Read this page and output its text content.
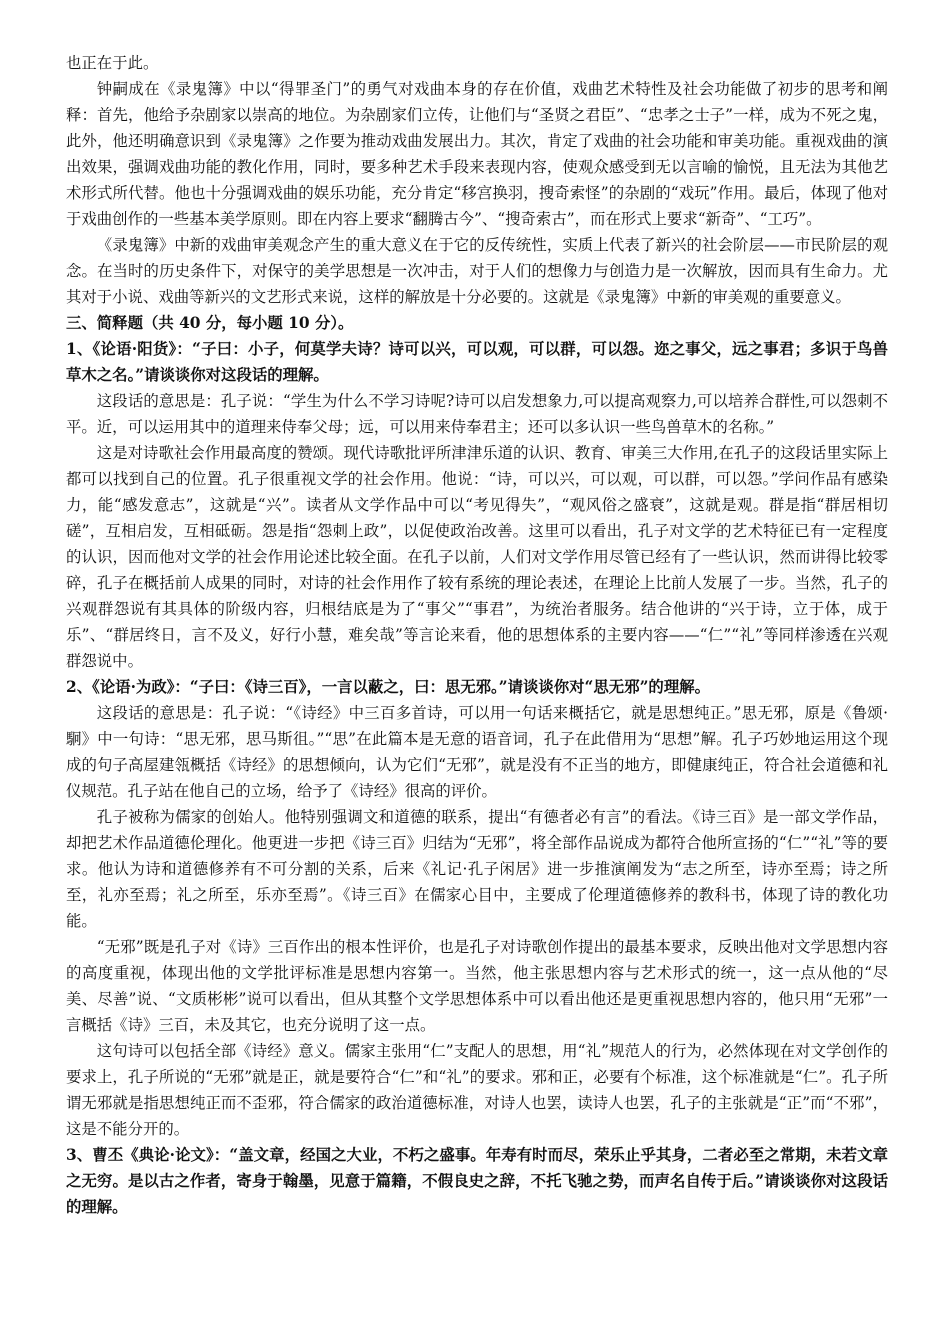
也正在于此。

钟嗣成在《录鬼簿》中以“得罪圣门”的勇气对戏曲本身的存在价值，戏曲艺术特性及社会功能做了初步的思考和阐释：首先，他给予杂剧家以崇高的地位。为杂剧家们立传，让他们与“圣贤之君臣”、“忠孝之士子”一样，成为不死之鬼，此外，他还明确意识到《录鬼簿》之作要为推动戏曲发展出力。其次，肯定了戏曲的社会功能和审美功能。重视戏曲的演出效果，强调戏曲功能的教化作用，同时，要多种艺术手段来表现内容，使观众感受到无以言喻的愉悦，且无法为其他艺术形式所代替。他也十分强调戏曲的娱乐功能，充分肯定“移宫换羽，搜奇索怪”的杂剧的“戏玩”作用。最后，体现了他对于戏曲创作的一些基本美学原则。即在内容上要求“翻腾古今”、“搜奇索古”，而在形式上要求“新奇”、“工巧”。

《录鬼簿》中新的戏曲审美观念产生的重大意义在于它的反传统性，实质上代表了新兴的社会阶层——市民阶层的观念。在当时的历史条件下，对保守的美学思想是一次冲击，对于人们的想像力与创造力是一次解放，因而具有生命力。尤其对于小说、戏曲等新兴的文艺形式来说，这样的解放是十分必要的。这就是《录鬼簿》中新的审美观的重要意义。

三、简释题（共 40 分，每小题 10 分）。

1、《论语·阳货》：“子曰：小子，何莫学夫诗？诗可以兴，可以观，可以群，可以怨。迩之事父，远之事君；多识于鸟兽草木之名。”请谈谈你对这段话的理解。

这段话的意思是：孔子说：“学生为什么不学习诗呢?诗可以启发想象力,可以提高观察力,可以培养合群性,可以怨刺不平。近，可以运用其中的道理来侍奉父母；远，可以用来侍奉君主；还可以多认识一些鸟兽草木的名称。”

这是对诗歌社会作用最高度的赞颂。现代诗歌批评所津津乐道的认识、教育、审美三大作用,在孔子的这段话里实际上都可以找到自己的位置。孔子很重视文学的社会作用。他说：“诗，可以兴，可以观，可以群，可以怨。”学问作品有感染力，能“感发意志”，这就是“兴”。读者从文学作品中可以“考见得失”，“观风俗之盛衰”，这就是观。群是指“群居相切磋”，互相启发，互相砥砺。怨是指“怨刺上政”，以促使政治改善。这里可以看出，孔子对文学的艺术特征已有一定程度的认识，因而他对文学的社会作用论述比较全面。在孔子以前，人们对文学作用尽管已经有了一些认识，然而讲得比较零碎，孔子在概括前人成果的同时，对诗的社会作用作了较有系统的理论表述，在理论上比前人发展了一步。当然，孔子的兴观群怨说有其具体的阶级内容，归根结底是为了“事父”“事君”，为统治者服务。结合他讲的“兴于诗，立于体，成于乐”、“群居终日，言不及义，好行小慧，难矣哉”等言论来看，他的思想体系的主要内容——“仁”“礼”等同样渗透在兴观群怨说中。

2、《论语·为政》：“子曰：《诗三百》，一言以蔽之，曰：思无邪。”请谈谈你对“思无邪”的理解。

这段话的意思是：孔子说：“《诗经》中三百多首诗，可以用一句话来概括它，就是思想纯正。”思无邪，原是《鲁颂·駉》中一句诗：“思无邪，思马斯徂。”“思”在此篇本是无意的语音词，孔子在此借用为“思想”解。孔子巧妙地运用这个现成的句子高屋建瓴概括《诗经》的思想倾向，认为它们“无邪”，就是没有不正当的地方，即健康纯正，符合社会道德和礼仪规范。孔子站在他自己的立场，给予了《诗经》很高的评价。

孔子被称为儒家的创始人。他特别强调文和道德的联系，提出“有德者必有言”的看法。《诗三百》是一部文学作品，却把艺术作品道德伦理化。他更进一步把《诗三百》归结为“无邪”，将全部作品说成为都符合他所宣扬的“仁”“礼”等的要求。他认为诗和道德修养有不可分割的关系，后来《礼记·孔子闲居》进一步推演阐发为“志之所至，诗亦至焉；诗之所至，礼亦至焉；礼之所至，乐亦至焉”。《诗三百》在儒家心目中，主要成了伦理道德修养的教科书，体现了诗的教化功能。

“无邪”既是孔子对《诗》三百作出的根本性评价，也是孔子对诗歌创作提出的最基本要求，反映出他对文学思想内容的高度重视，体现出他的文学批评标准是思想内容第一。当然，他主张思想内容与艺术形式的统一，这一点从他的“尽美、尽善”说、“文质彬彬”说可以看出，但从其整个文学思想体系中可以看出他还是更重视思想内容的，他只用“无邪”一言概括《诗》三百，未及其它，也充分说明了这一点。

这句诗可以包括全部《诗经》意义。儒家主张用“仁”支配人的思想，用“礼”规范人的行为，必然体现在对文学创作的要求上，孔子所说的“无邪”就是正，就是要符合“仁”和“礼”的要求。邪和正，必要有个标准，这个标准就是“仁”。孔子所谓无邪就是指思想纯正而不歪邪，符合儒家的政治道德标准，对诗人也罢，读诗人也罢，孔子的主张就是“正”而“不邪”，这是不能分开的。

3、曹丕《典论·论文》：“盖文章，经国之大业，不朽之盛事。年寿有时而尽，荣乐止乎其身，二者必至之常期，未若文章之无穷。是以古之作者，寄身于翰墨，见意于篇籍，不假良史之辞，不托飞驰之势，而声名自传于后。”请谈谈你对这段话的理解。
